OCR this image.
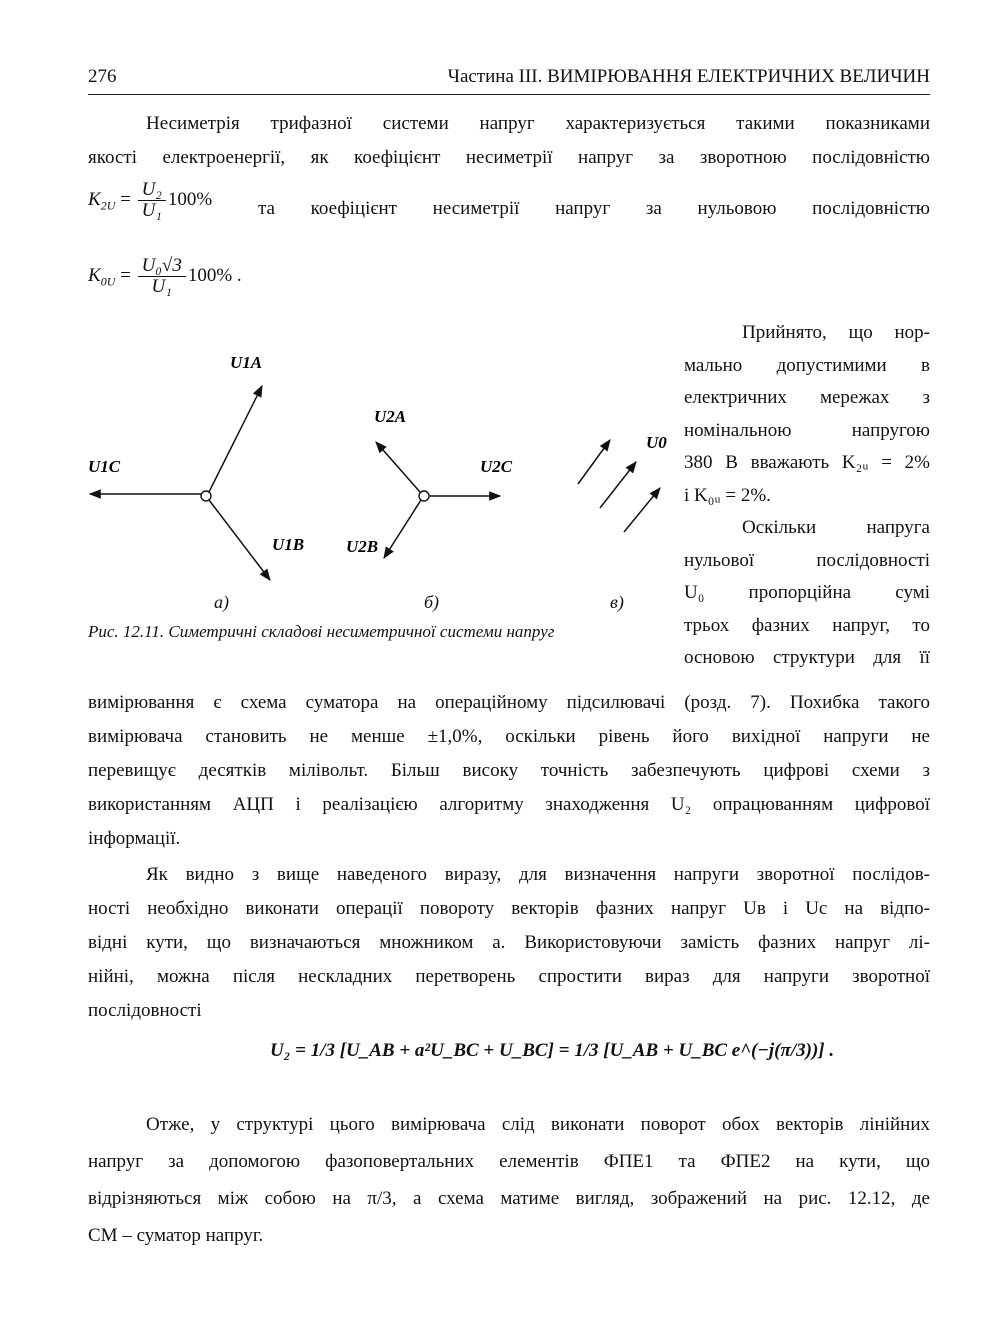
276	Частина III. ВИМІРЮВАННЯ ЕЛЕКТРИЧНИХ ВЕЛИЧИН
Несиметрія трифазної системи напруг характеризується такими показниками
якості електроенергії, як коефіцієнт несиметрії напруг за зворотною послідовністю
$K_{2U} = \frac{\text{U₂}}{\text{U₁}} 100\%$ та коефіцієнт несиметрії напруг за нульовою послідовністю
$K_{0U} = \frac{\text{U₀√3}}{\text{U₁}} 100\%$ .
U1A
U1C
U1B
U2A
U2C
U2B
U0
а)	б)	в)
Рис. 12.11. Симетричні складові несиметричної системи напруг
Прийнято, що нор-
мально допустимими в
електричних мережах з
номінальною напругою
380 B вважають K₂ᵤ = 2%
і K₀ᵤ = 2%.
Оскільки напруга
нульової послідовності
U₀ пропорційна сумі
трьох фазних напруг, то
основою структури для її
вимірювання є схема суматора на операційному підсилювачі (розд. 7). Похибка такого
вимірювача становить не менше ±1,0%, оскільки рівень його вихідної напруги не
перевищує десятків мілівольт. Більш високу точність забезпечують цифрові схеми з
використанням АЦП і реалізацією алгоритму знаходження U₂ опрацюванням цифрової
інформації.
Як видно з вище наведеного виразу, для визначення напруги зворотної послідов-
ності необхідно виконати операції повороту векторів фазних напруг Uв і Uс на відпо-
відні кути, що визначаються множником a. Використовуючи замість фазних напруг лі-
нійні, можна після нескладних перетворень спростити вираз для напруги зворотної
послідовності
U₂ = 1/3 [U_AB + a²U_BC + U_BC] = 1/3 [U_AB + U_BC e^(−j(π/3))] .
Отже, у структурі цього вимірювача слід виконати поворот обох векторів лінійних
напруг за допомогою фазоповертальних елементів ФПЕ1 та ФПЕ2 на кути, що
відрізняються між собою на π/3, а схема матиме вигляд, зображений на рис. 12.12, де
СМ – суматор напруг.
